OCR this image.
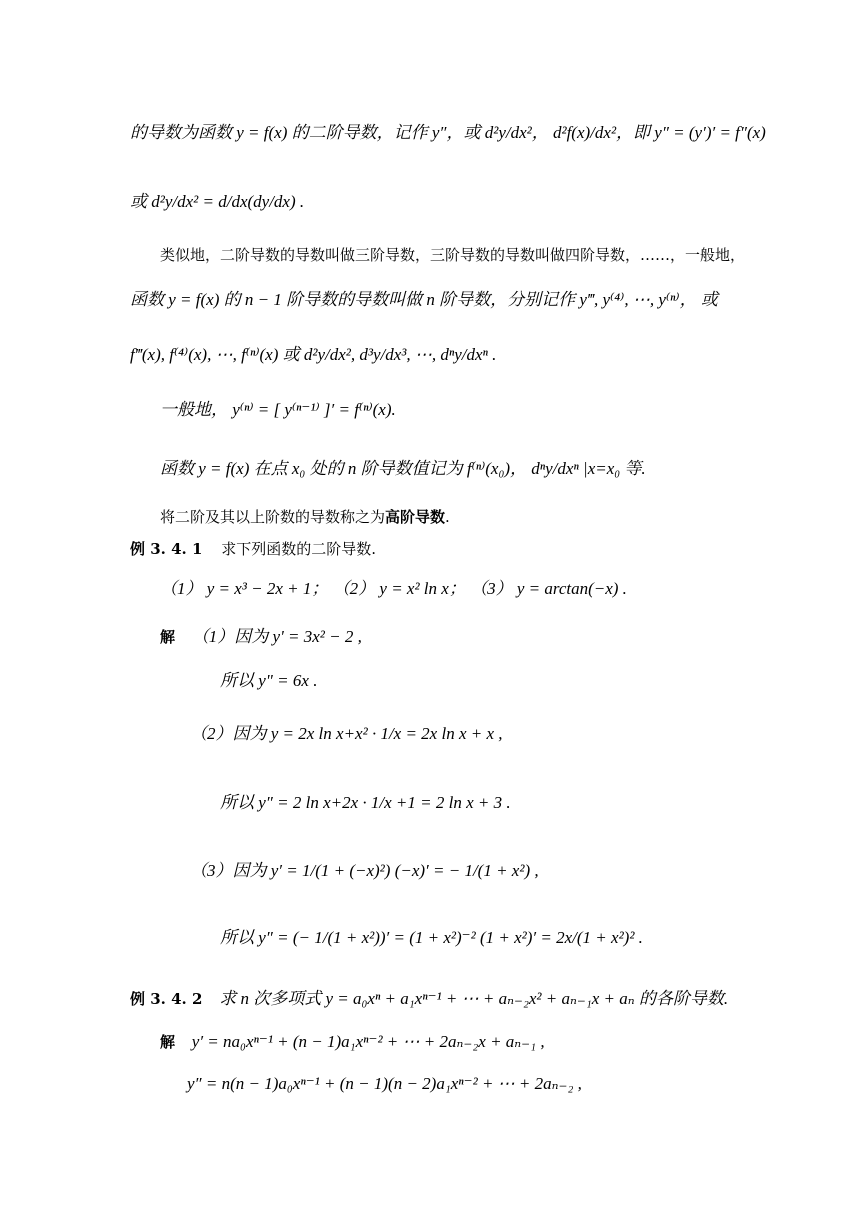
的导数为函数 y = f(x) 的二阶导数，记作 y″，或 d²y/dx²， d²f(x)/dx²，即 y″ = (y′)′ = f″(x)
或 d²y/dx² = d/dx(dy/dx) .
类似地，二阶导数的导数叫做三阶导数，三阶导数的导数叫做四阶导数，……，一般地，
函数 y = f(x) 的 n − 1 阶导数的导数叫做 n 阶导数，分别记作 y‴, y⁽⁴⁾, ⋯, y⁽ⁿ⁾， 或
f‴(x), f⁽⁴⁾(x), ⋯, f⁽ⁿ⁾(x) 或 d²y/dx², d³y/dx³, ⋯, dⁿy/dxⁿ .
一般地， y⁽ⁿ⁾ = [ y⁽ⁿ⁻¹⁾ ]′ = f⁽ⁿ⁾(x).
函数 y = f(x) 在点 x₀ 处的 n 阶导数值记为 f⁽ⁿ⁾(x₀)， dⁿy/dxⁿ |x=x₀ 等.
将二阶及其以上阶数的导数称之为高阶导数.
例 3. 4. 1 求下列函数的二阶导数.
（1） y = x³ − 2x + 1； （2） y = x² ln x； （3） y = arctan(−x) .
解 （1）因为 y' = 3x² − 2 ,
所以 y" = 6x .
（2）因为 y = 2x ln x+x² · 1/x = 2x ln x + x ,
所以 y″ = 2 ln x+2x · 1/x +1 = 2 ln x + 3 .
（3）因为 y′ = 1/(1 + (−x)²) (−x)′ = − 1/(1 + x²) ,
所以 y″ = (− 1/(1 + x²))′ = (1 + x²)⁻² (1 + x²)′ = 2x/(1 + x²)² .
例 3. 4. 2 求 n 次多项式 y = a₀xⁿ + a₁xⁿ⁻¹ + ⋯ + aₙ₋₂x² + aₙ₋₁x + aₙ 的各阶导数.
解 y′ = na₀xⁿ⁻¹ + (n − 1)a₁xⁿ⁻² + ⋯ + 2aₙ₋₂x + aₙ₋₁ ,
y″ = n(n − 1)a₀xⁿ⁻¹ + (n − 1)(n − 2)a₁xⁿ⁻² + ⋯ + 2aₙ₋₂ ,
